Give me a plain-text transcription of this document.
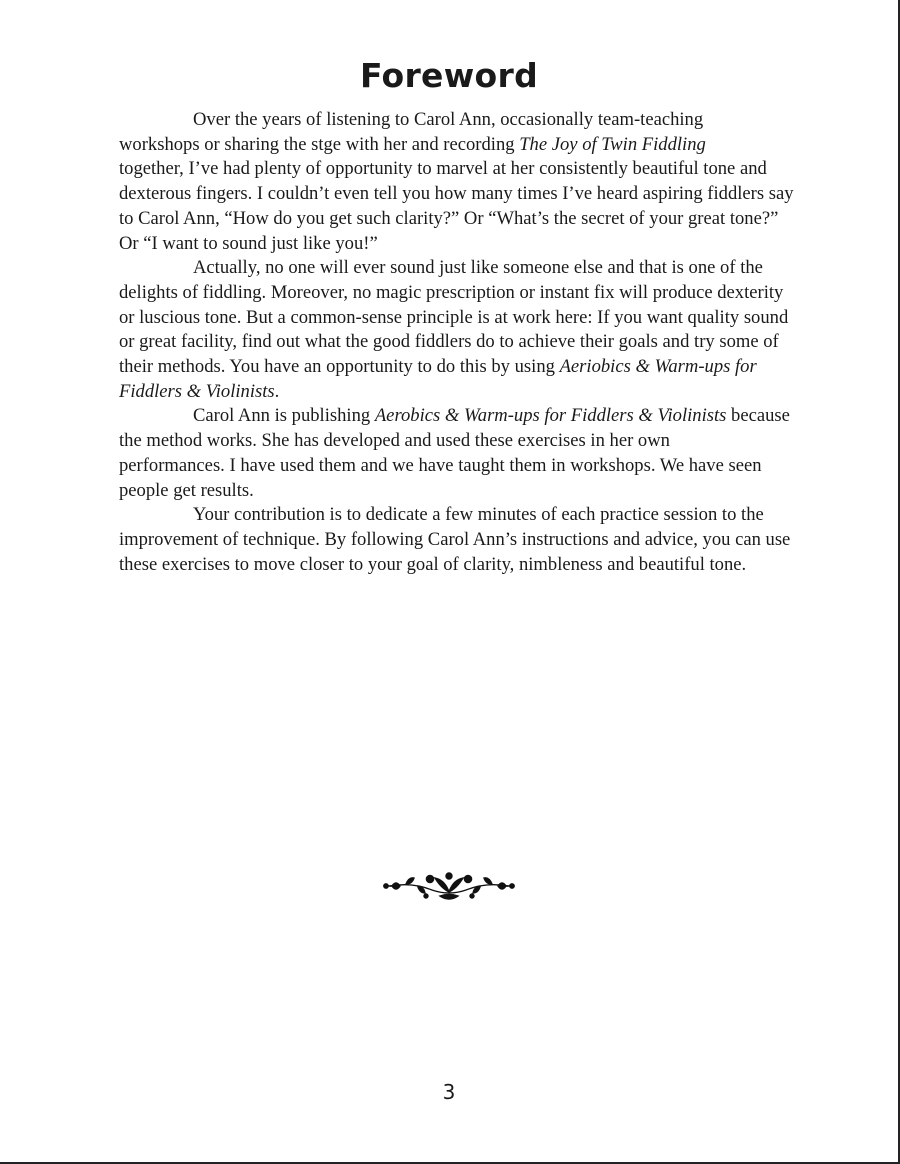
Foreword

Over the years of listening to Carol Ann, occasionally team-teaching
workshops or sharing the stge with her and recording The Joy of Twin Fiddling
together, I’ve had plenty of opportunity to marvel at her consistently beautiful tone and dexterous fingers. I couldn’t even tell you how many times I’ve heard aspiring fiddlers say to Carol Ann, “How do you get such clarity?” Or “What’s the secret of your great tone?” Or “I want to sound just like you!”

Actually, no one will ever sound just like someone else and that is one of the delights of fiddling. Moreover, no magic prescription or instant fix will produce dexterity or luscious tone. But a common-sense principle is at work here: If you want quality sound or great facility, find out what the good fiddlers do to achieve their goals and try some of their methods. You have an opportunity to do this by using Aeriobics & Warm-ups for Fiddlers & Violinists.

Carol Ann is publishing Aerobics & Warm-ups for Fiddlers & Violinists because the method works. She has developed and used these exercises in her own
performances. I have used them and we have taught them in workshops. We have seen people get results.

Your contribution is to dedicate a few minutes of each practice session to the improvement of technique. By following Carol Ann’s instructions and advice, you can use these exercises to move closer to your goal of clarity, nimbleness and beautiful tone.

3
